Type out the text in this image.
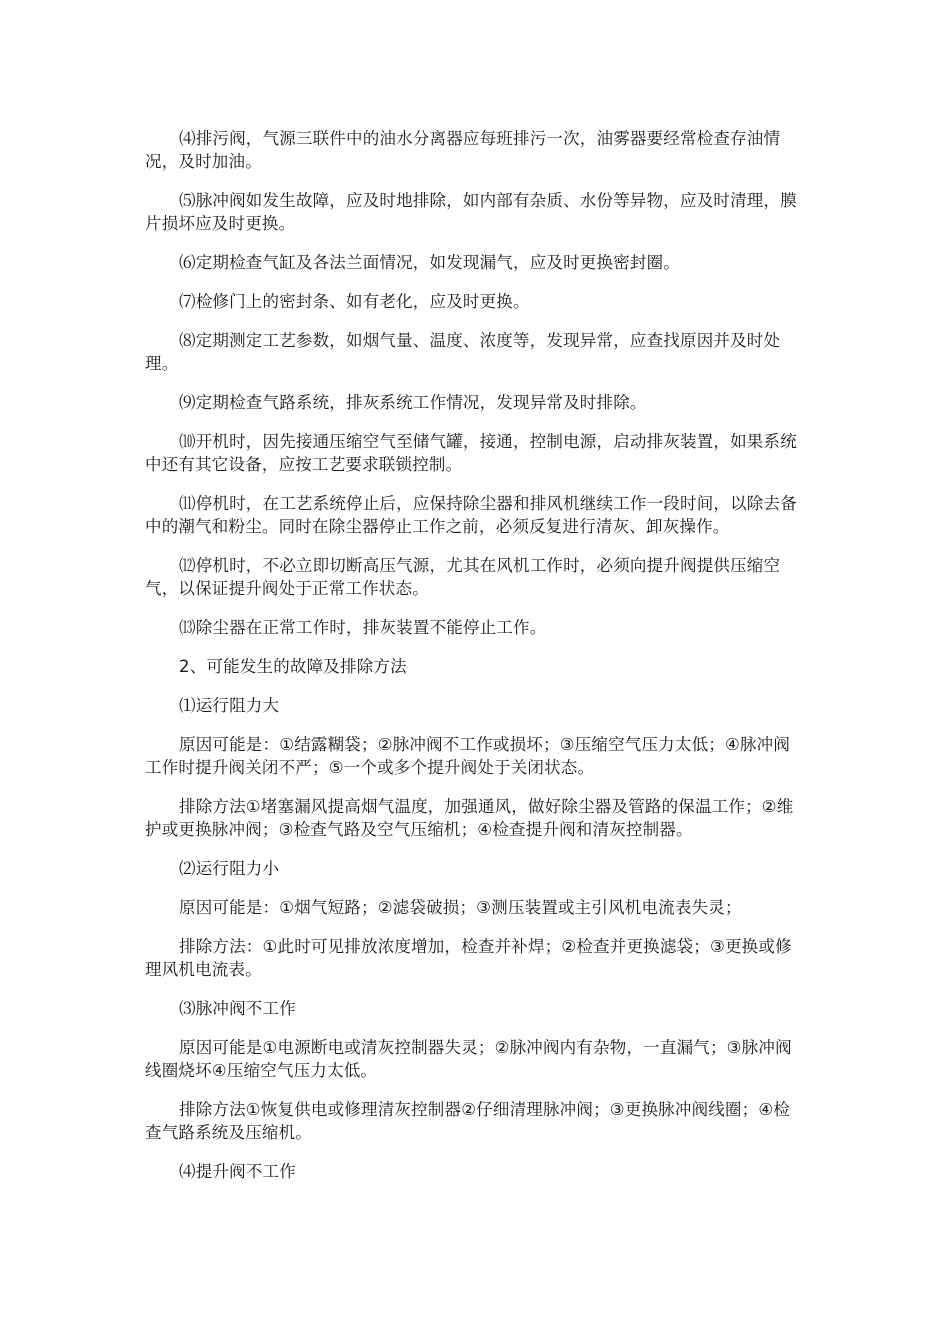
⑷排污阀，气源三联件中的油水分离器应每班排污一次，油雾器要经常检查存油情况，及时加油。

⑸脉冲阀如发生故障，应及时地排除，如内部有杂质、水份等异物，应及时清理，膜片损坏应及时更换。

⑹定期检查气缸及各法兰面情况，如发现漏气，应及时更换密封圈。

⑺检修门上的密封条、如有老化，应及时更换。

⑻定期测定工艺参数，如烟气量、温度、浓度等，发现异常，应查找原因并及时处理。

⑼定期检查气路系统，排灰系统工作情况，发现异常及时排除。

⑽开机时，因先接通压缩空气至储气罐，接通，控制电源，启动排灰装置，如果系统中还有其它设备，应按工艺要求联锁控制。

⑾停机时，在工艺系统停止后，应保持除尘器和排风机继续工作一段时间，以除去备中的潮气和粉尘。同时在除尘器停止工作之前，必须反复进行清灰、卸灰操作。

⑿停机时，不必立即切断高压气源，尤其在风机工作时，必须向提升阀提供压缩空气，以保证提升阀处于正常工作状态。

⒀除尘器在正常工作时，排灰装置不能停止工作。

2、可能发生的故障及排除方法

⑴运行阻力大

原因可能是：①结露糊袋；②脉冲阀不工作或损坏；③压缩空气压力太低；④脉冲阀工作时提升阀关闭不严；⑤一个或多个提升阀处于关闭状态。

排除方法①堵塞漏风提高烟气温度，加强通风，做好除尘器及管路的保温工作；②维护或更换脉冲阀；③检查气路及空气压缩机；④检查提升阀和清灰控制器。

⑵运行阻力小

原因可能是：①烟气短路；②滤袋破损；③测压装置或主引风机电流表失灵；

排除方法：①此时可见排放浓度增加，检查并补焊；②检查并更换滤袋；③更换或修理风机电流表。

⑶脉冲阀不工作

原因可能是①电源断电或清灰控制器失灵；②脉冲阀内有杂物，一直漏气；③脉冲阀线圈烧坏④压缩空气压力太低。

排除方法①恢复供电或修理清灰控制器②仔细清理脉冲阀；③更换脉冲阀线圈；④检查气路系统及压缩机。

⑷提升阀不工作
